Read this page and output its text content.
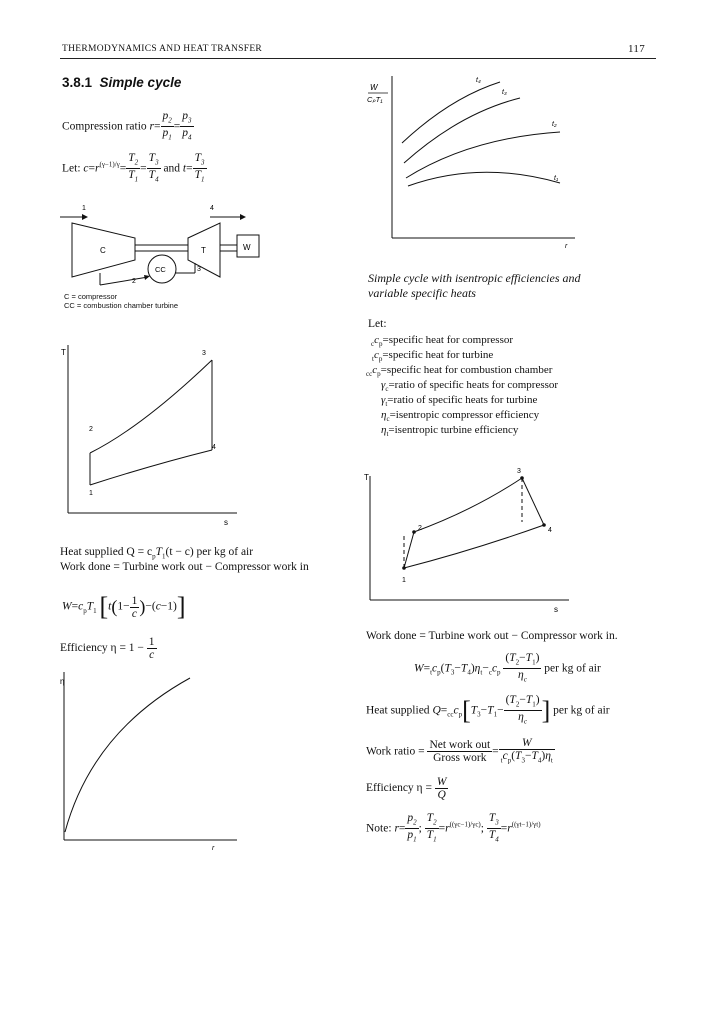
THERMODYNAMICS AND HEAT TRANSFER	117
3.8.1 Simple cycle
Compression ratio $r= \frac{p_2}{p_1} = \frac{p_3}{p_4}$
Let: $c=r^{(\gamma-1)/\gamma}= \frac{T_2}{T_1} = \frac{T_3}{T_4}$ and $t= \frac{T_3}{T_1}$
C	T
CC
W
1	4
2
3
C = compressor
CC = combustion chamber turbine
T
s
3
2
4
1
Heat supplied $Q = c_pT_1(t - c)$ per kg of air
Work done = Turbine work out − Compressor work in
$W=c_pT_1$ $[t(1- \frac{1}{c} )-(c-1)]$
Efficiency $\eta = 1 - \frac{1}{c}$
η
r
W
CₚT₁
r
t₄
t₃
t₂
t₁
Simple cycle with isentropic efficiencies and
variable specific heats
Let:
$_cc_p=specific$ heat for compressor
$_tc_p=specific$ heat for turbine
$_{cc}c_p=specific$ heat for combustion chamber
$\gamma_c=ratio$ of specific heats for compressor
$\gamma_t=ratio$ of specific heats for turbine
$\eta_c=isentropic$ compressor efficiency
$\eta_t=isentropic$ turbine efficiency
T
s
3
2	4
1
Work done = Turbine work out − Compressor work in.
$W=_tc_p(T_3-T_4)\eta_t-_cc_p \frac{(T_2-T_1)}{\eta_c}$ per kg of air
Heat supplied $Q=_{cc}c_p[T_3-T_1- \frac{(T_2-T_1)}{\eta_c}$ ] per kg of air
Work ratio = $\frac{\text{Net work out}}{\text{Gross work}} = \frac{W}{_tc_p(T_3-T_4)\eta_t}$
Efficiency $\eta = \frac{W}{Q}$
Note: $r= \frac{p_2}{p_1}$ ; $\frac{T_2}{T_1} =r^{((\gamma c-1)/\gamma c)}$; $\frac{T_3}{T_4} =r^{((\gamma t-1)/\gamma t)}$
